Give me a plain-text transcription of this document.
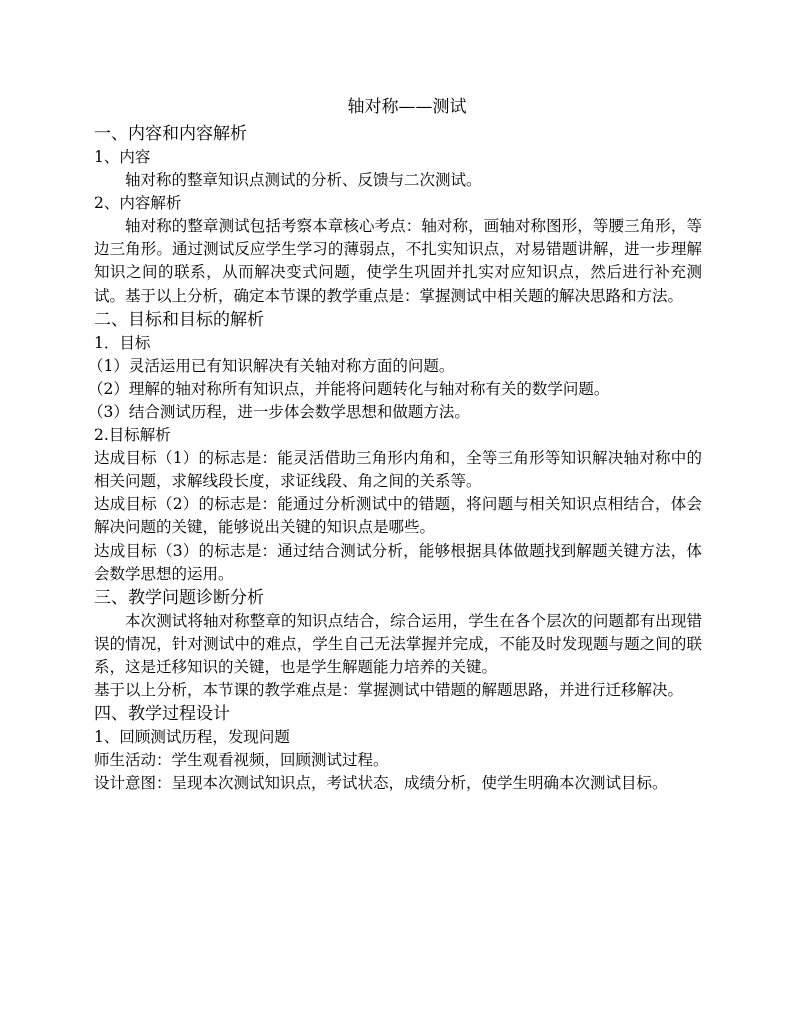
轴对称——测试

一、内容和内容解析

1、内容

轴对称的整章知识点测试的分析、反馈与二次测试。

2、内容解析

轴对称的整章测试包括考察本章核心考点：轴对称，画轴对称图形，等腰三角形，等边三角形。通过测试反应学生学习的薄弱点，不扎实知识点，对易错题讲解，进一步理解知识之间的联系，从而解决变式问题，使学生巩固并扎实对应知识点，然后进行补充测试。基于以上分析，确定本节课的教学重点是：掌握测试中相关题的解决思路和方法。

二、目标和目标的解析

1．目标

（1）灵活运用已有知识解决有关轴对称方面的问题。

（2）理解的轴对称所有知识点，并能将问题转化与轴对称有关的数学问题。

（3）结合测试历程，进一步体会数学思想和做题方法。

2.目标解析

达成目标（1）的标志是：能灵活借助三角形内角和，全等三角形等知识解决轴对称中的相关问题，求解线段长度，求证线段、角之间的关系等。

达成目标（2）的标志是：能通过分析测试中的错题，将问题与相关知识点相结合，体会解决问题的关键，能够说出关键的知识点是哪些。

达成目标（3）的标志是：通过结合测试分析，能够根据具体做题找到解题关键方法，体会数学思想的运用。

三、教学问题诊断分析

本次测试将轴对称整章的知识点结合，综合运用，学生在各个层次的问题都有出现错误的情况，针对测试中的难点，学生自己无法掌握并完成，不能及时发现题与题之间的联系，这是迁移知识的关键，也是学生解题能力培养的关键。

基于以上分析，本节课的教学难点是：掌握测试中错题的解题思路，并进行迁移解决。

四、教学过程设计

1、回顾测试历程，发现问题

师生活动：学生观看视频，回顾测试过程。

设计意图：呈现本次测试知识点，考试状态，成绩分析，使学生明确本次测试目标。
